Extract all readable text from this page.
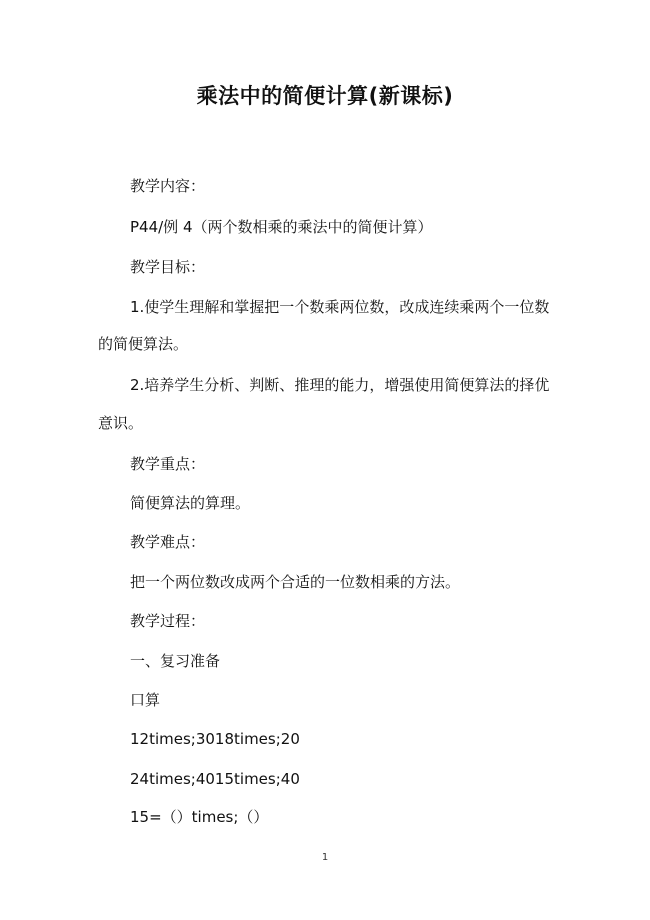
乘法中的简便计算(新课标)
教学内容：
P44/例 4（两个数相乘的乘法中的简便计算）
教学目标：
1.使学生理解和掌握把一个数乘两位数，改成连续乘两个一位数
的简便算法。
2.培养学生分析、判断、推理的能力，增强使用简便算法的择优
意识。
教学重点：
简便算法的算理。
教学难点：
把一个两位数改成两个合适的一位数相乘的方法。
教学过程：
一、复习准备
口算
12times;3018times;20
24times;4015times;40
15=（）times;（）
1
